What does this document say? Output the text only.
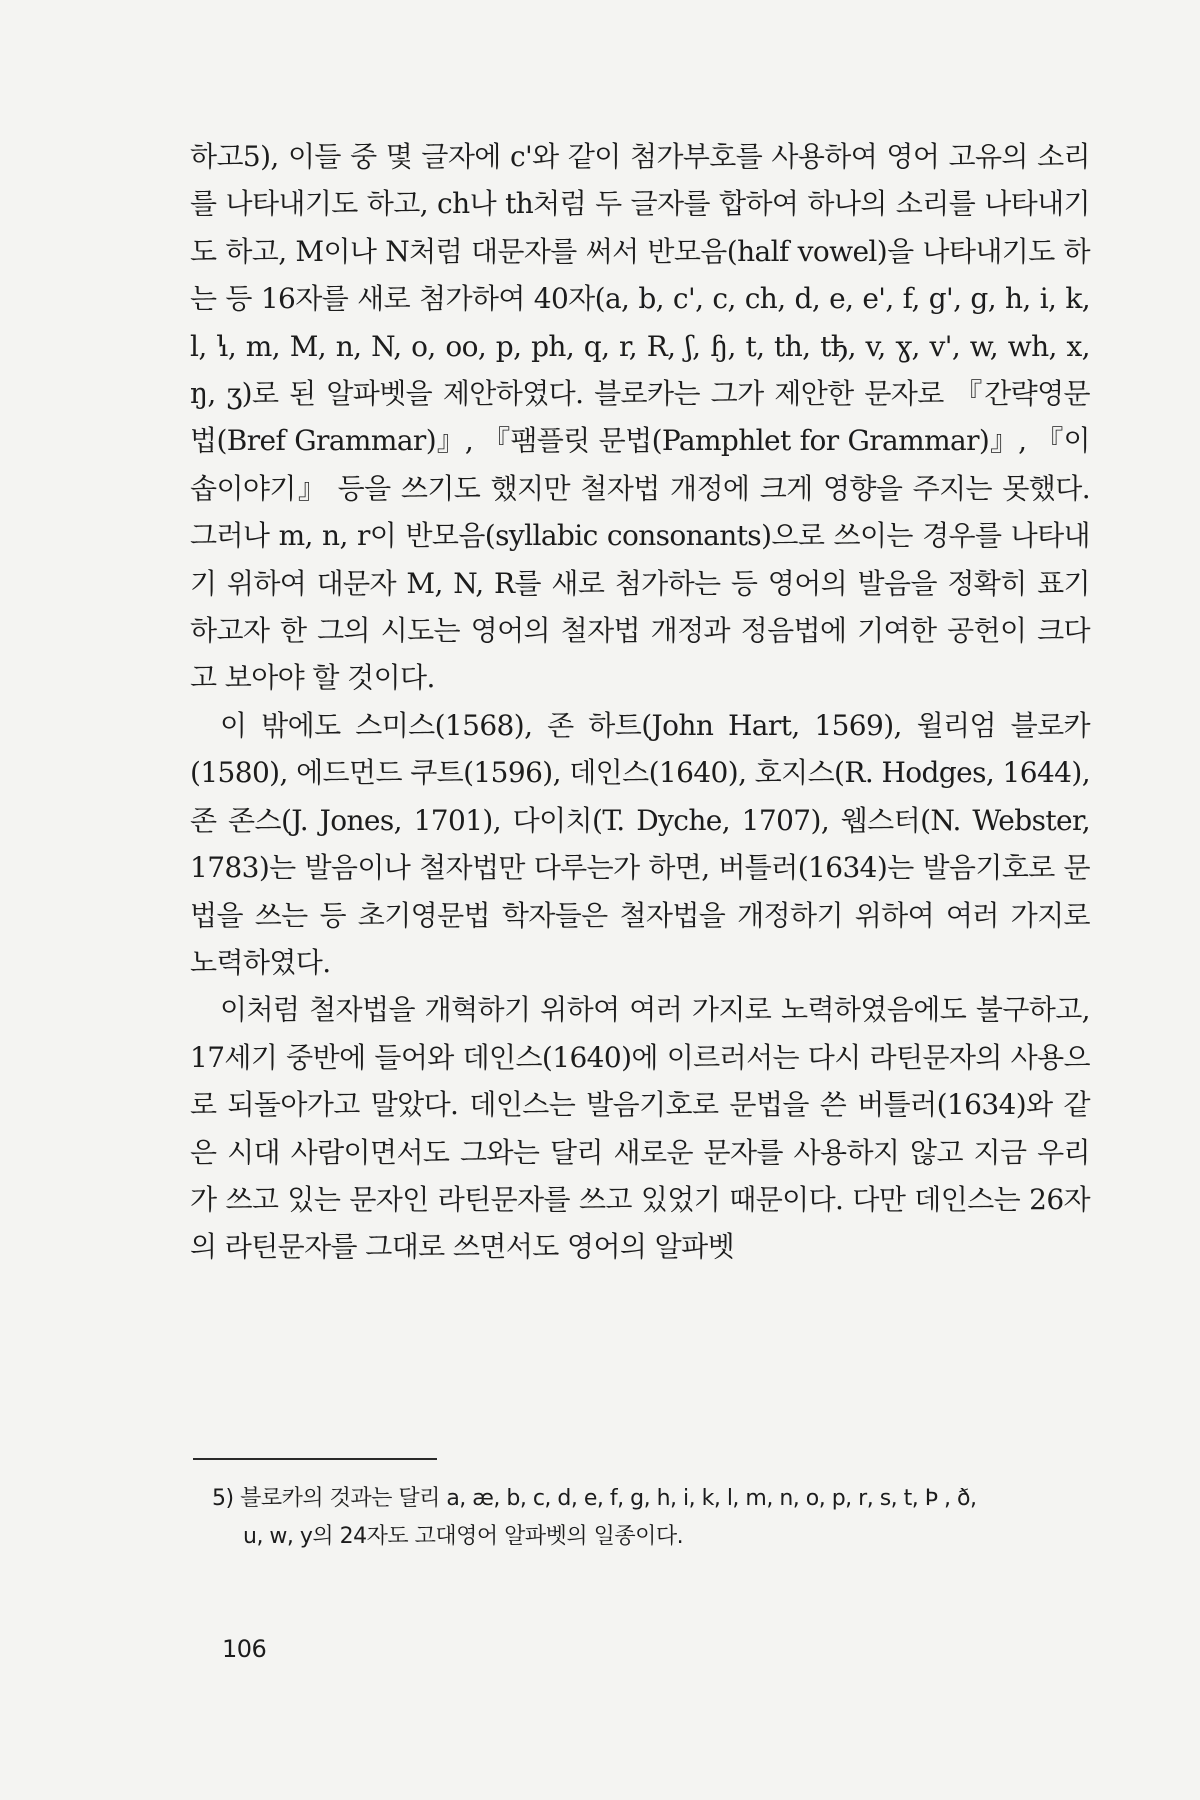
하고5), 이들 중 몇 글자에 c'와 같이 첨가부호를 사용하여 영어 고유의 소리를 나타내기도 하고, ch나 th처럼 두 글자를 합하여 하나의 소리를 나타내기도 하고, M이나 N처럼 대문자를 써서 반모음(half vowel)을 나타내기도 하는 등 16자를 새로 첨가하여 40자(a, b, c', c, ch, d, e, e', f, g', g, h, i, k, l, ꝇ, m, M, n, N, o, oo, p, ph, q, r, R, ʃ, ɧ, t, th, tђ, v, ɣ, v', w, wh, x, ŋ, ʒ)로 된 알파벳을 제안하였다. 블로카는 그가 제안한 문자로 『간략영문법(Bref Grammar)』, 『팸플릿 문법(Pamphlet for Grammar)』, 『이솝이야기』 등을 쓰기도 했지만 철자법 개정에 크게 영향을 주지는 못했다. 그러나 m, n, r이 반모음(syllabic consonants)으로 쓰이는 경우를 나타내기 위하여 대문자 M, N, R를 새로 첨가하는 등 영어의 발음을 정확히 표기하고자 한 그의 시도는 영어의 철자법 개정과 정음법에 기여한 공헌이 크다고 보아야 할 것이다.

이 밖에도 스미스(1568), 존 하트(John Hart, 1569), 윌리엄 블로카(1580), 에드먼드 쿠트(1596), 데인스(1640), 호지스(R. Hodges, 1644), 존 존스(J. Jones, 1701), 다이치(T. Dyche, 1707), 웹스터(N. Webster, 1783)는 발음이나 철자법만 다루는가 하면, 버틀러(1634)는 발음기호로 문법을 쓰는 등 초기영문법 학자들은 철자법을 개정하기 위하여 여러 가지로 노력하였다.

이처럼 철자법을 개혁하기 위하여 여러 가지로 노력하였음에도 불구하고, 17세기 중반에 들어와 데인스(1640)에 이르러서는 다시 라틴문자의 사용으로 되돌아가고 말았다. 데인스는 발음기호로 문법을 쓴 버틀러(1634)와 같은 시대 사람이면서도 그와는 달리 새로운 문자를 사용하지 않고 지금 우리가 쓰고 있는 문자인 라틴문자를 쓰고 있었기 때문이다. 다만 데인스는 26자의 라틴문자를 그대로 쓰면서도 영어의 알파벳

5) 블로카의 것과는 달리 a, æ, b, c, d, e, f, g, h, i, k, l, m, n, o, p, r, s, t, Þ , ð,
u, w, y의 24자도 고대영어 알파벳의 일종이다.
106
